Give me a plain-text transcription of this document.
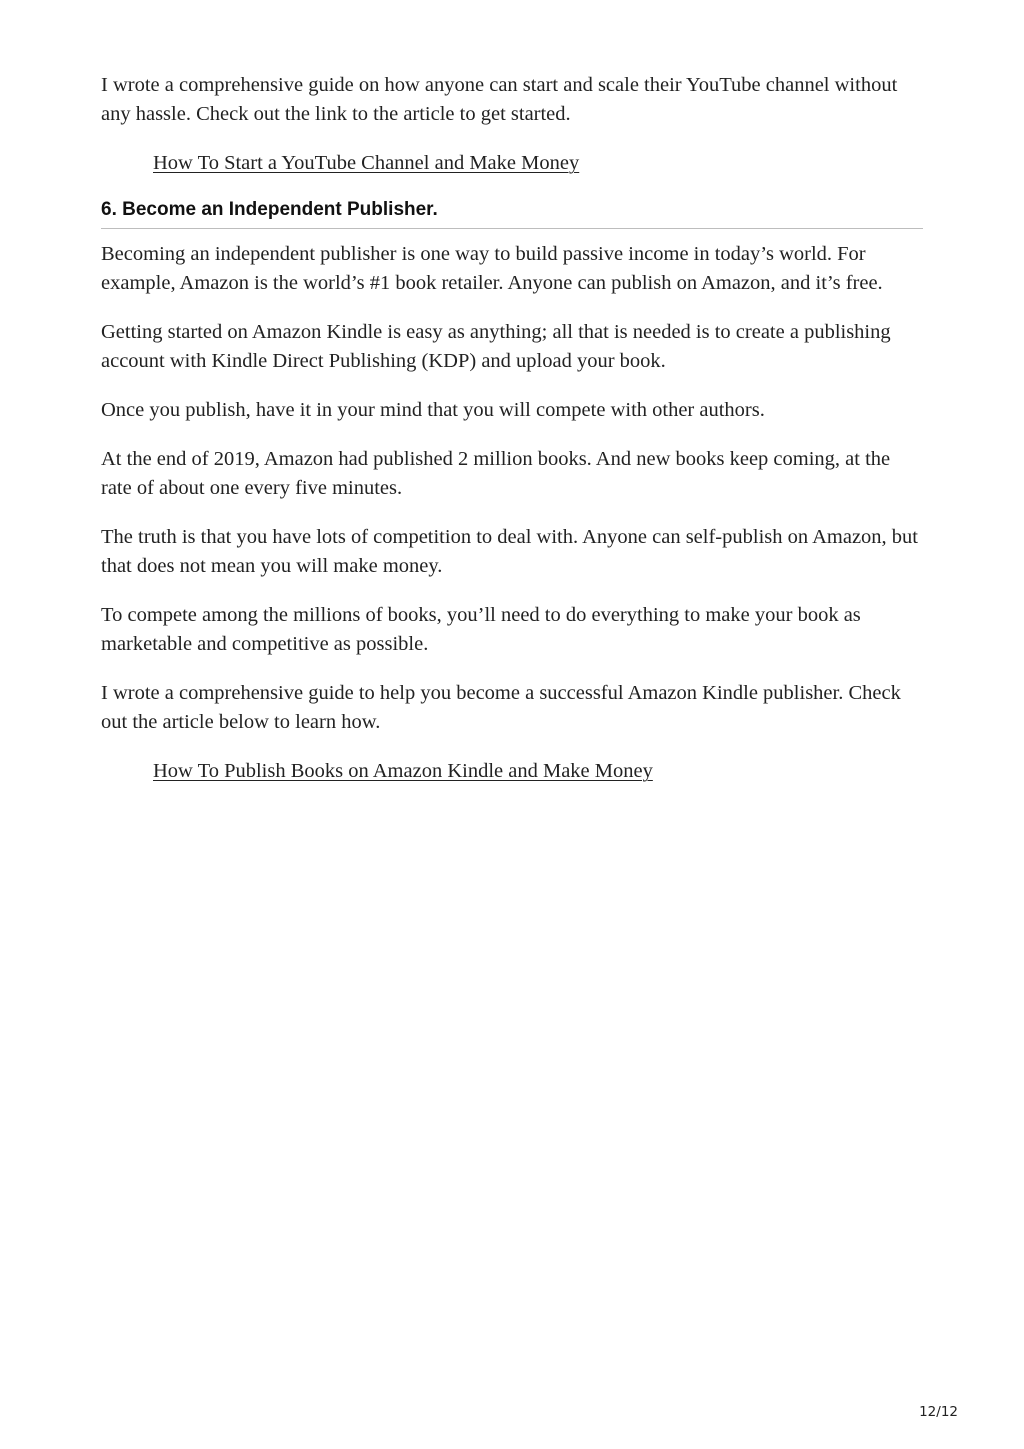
I wrote a comprehensive guide on how anyone can start and scale their YouTube channel without any hassle. Check out the link to the article to get started.

How To Start a YouTube Channel and Make Money
6. Become an Independent Publisher.

Becoming an independent publisher is one way to build passive income in today’s world. For example, Amazon is the world’s #1 book retailer. Anyone can publish on Amazon, and it’s free.

Getting started on Amazon Kindle is easy as anything; all that is needed is to create a publishing account with Kindle Direct Publishing (KDP) and upload your book.

Once you publish, have it in your mind that you will compete with other authors.

At the end of 2019, Amazon had published 2 million books. And new books keep coming, at the rate of about one every five minutes.

The truth is that you have lots of competition to deal with. Anyone can self-publish on Amazon, but that does not mean you will make money.

To compete among the millions of books, you’ll need to do everything to make your book as marketable and competitive as possible.

I wrote a comprehensive guide to help you become a successful Amazon Kindle publisher. Check out the article below to learn how.

How To Publish Books on Amazon Kindle and Make Money
12/12
